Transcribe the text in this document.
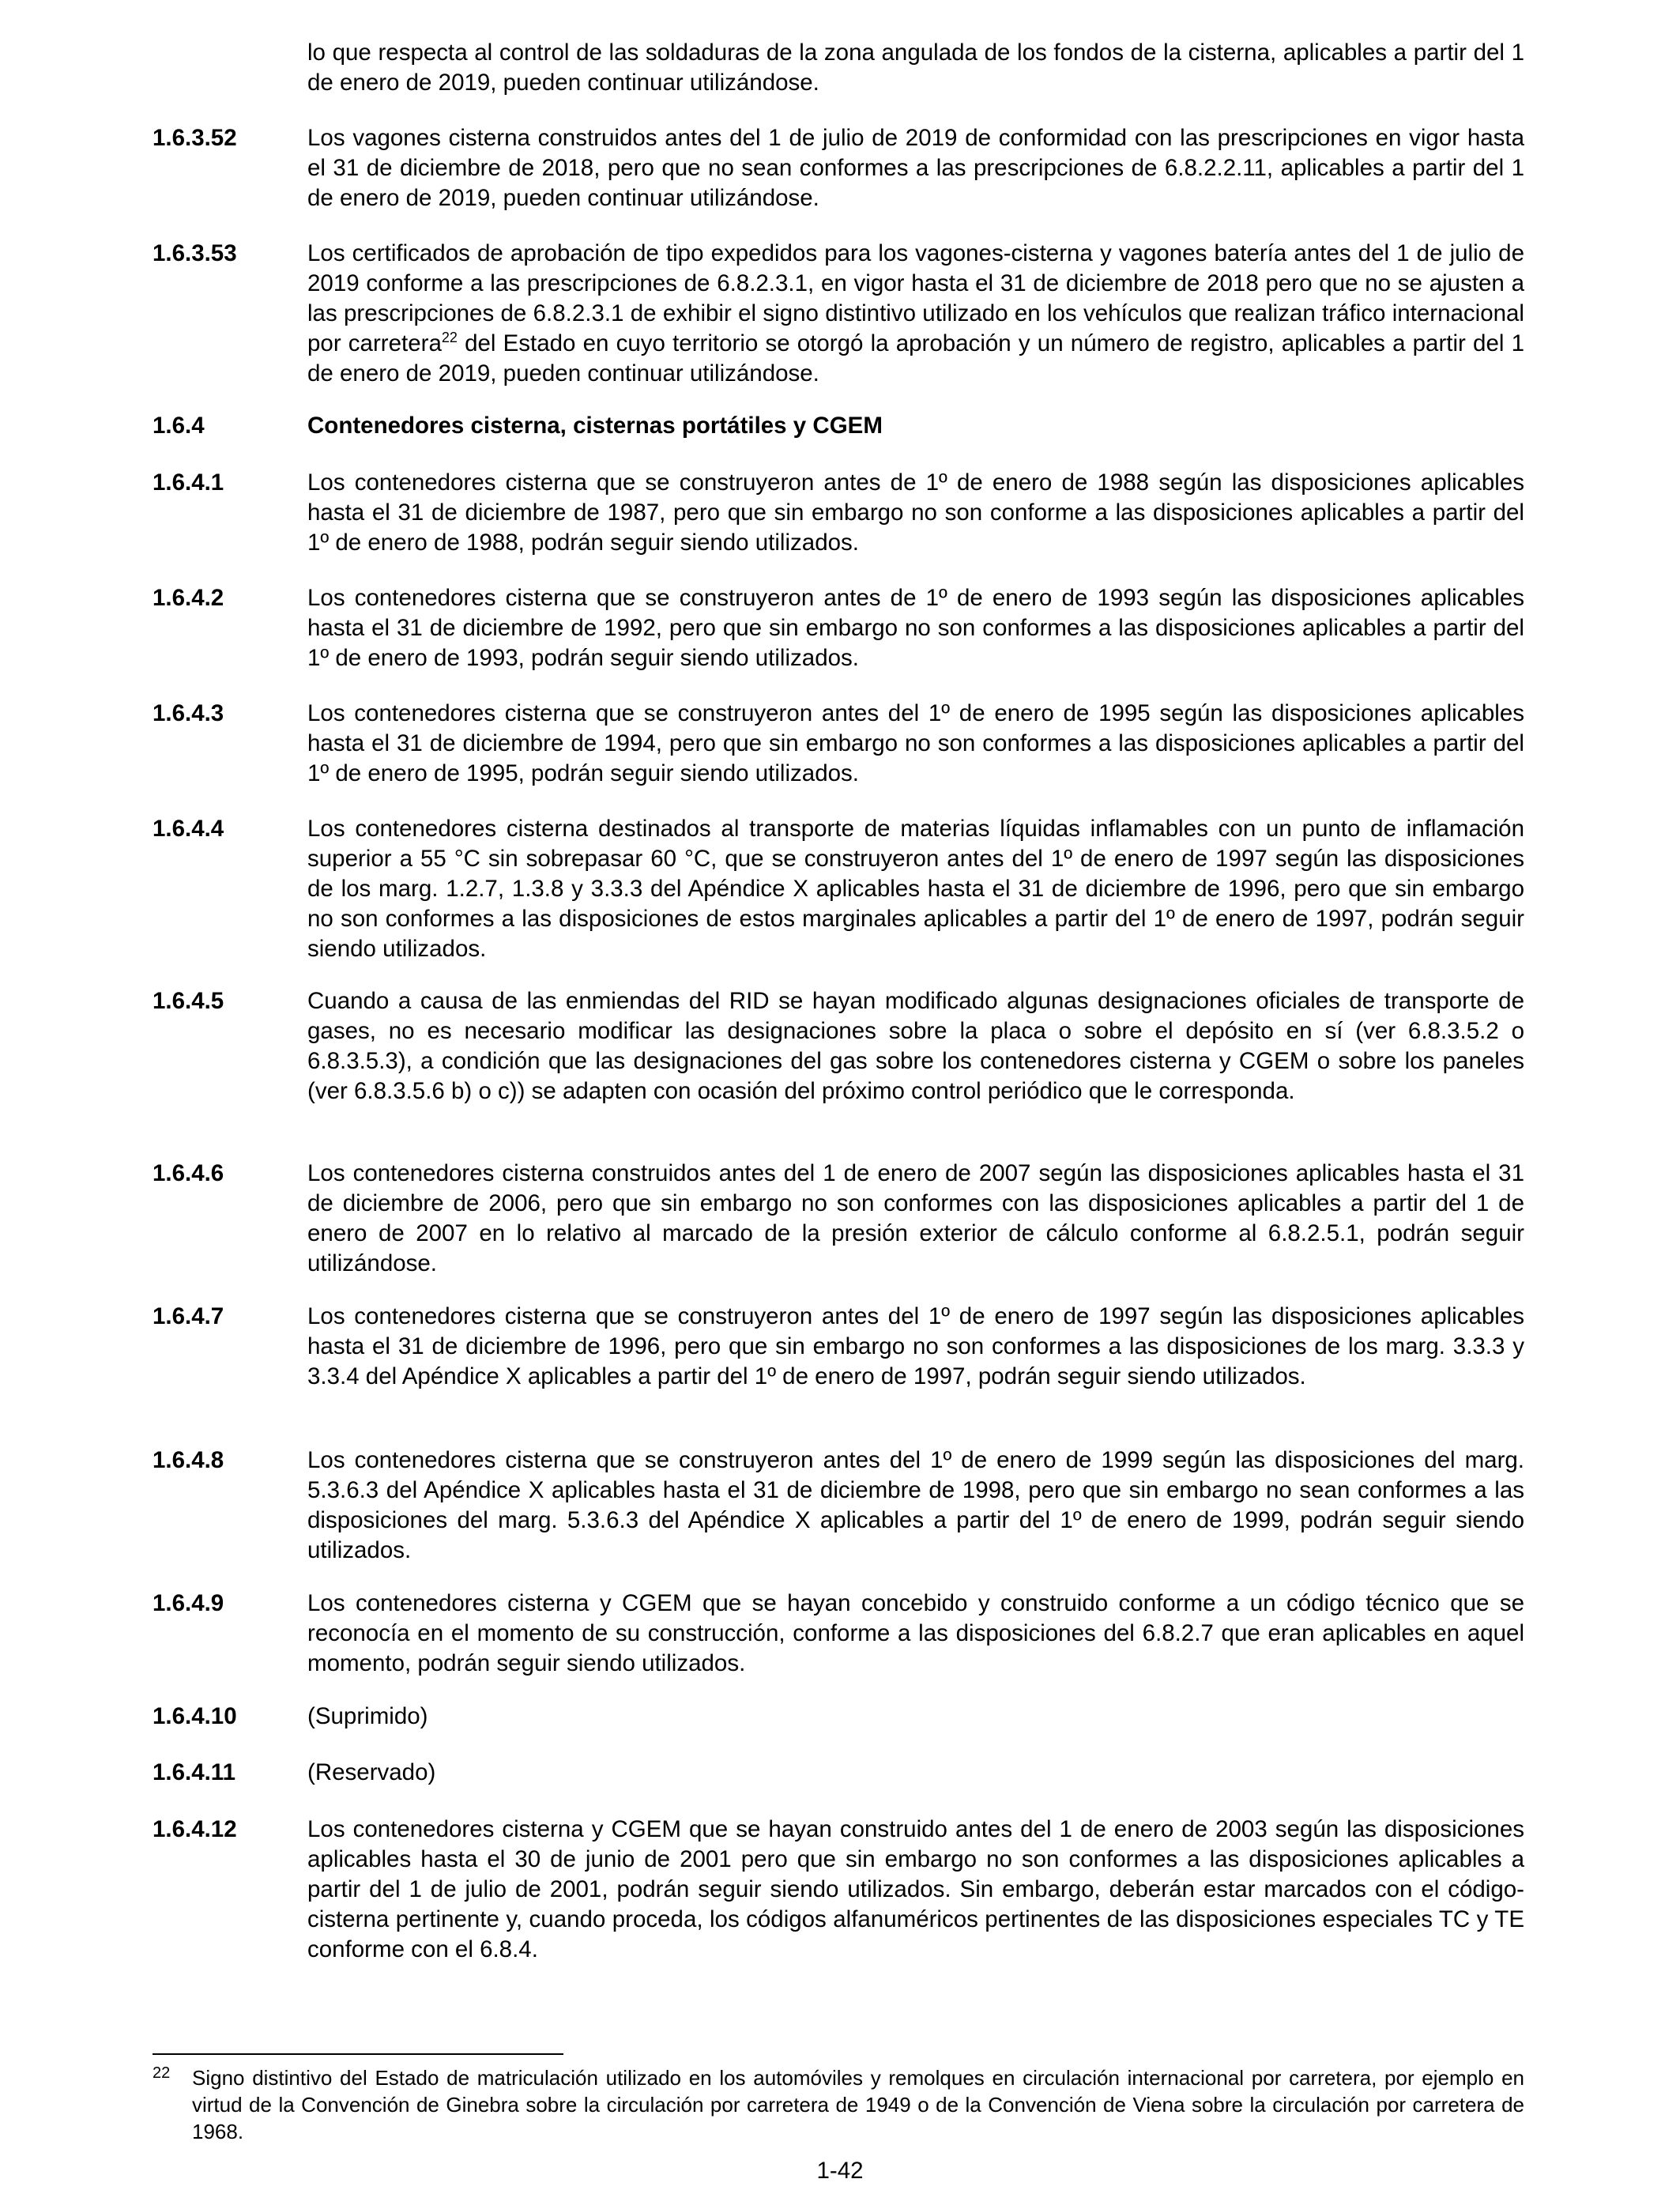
lo que respecta al control de las soldaduras de la zona angulada de los fondos de la cisterna, aplicables a partir del 1 de enero de 2019, pueden continuar utilizándose.

1.6.3.52	Los vagones cisterna construidos antes del 1 de julio de 2019 de conformidad con las prescripciones en vigor hasta el 31 de diciembre de 2018, pero que no sean conformes a las prescripciones de 6.8.2.2.11, aplicables a partir del 1 de enero de 2019, pueden continuar utilizándose.
1.6.3.53	Los certificados de aprobación de tipo expedidos para los vagones-cisterna y vagones batería antes del 1 de julio de 2019 conforme a las prescripciones de 6.8.2.3.1, en vigor hasta el 31 de diciembre de 2018 pero que no se ajusten a las prescripciones de 6.8.2.3.1 de exhibir el signo distintivo utilizado en los vehículos que realizan tráfico internacional por carretera$^{22}$ del Estado en cuyo territorio se otorgó la aprobación y un número de registro, aplicables a partir del 1 de enero de 2019, pueden continuar utilizándose.
1.6.4	Contenedores cisterna, cisternas portátiles y CGEM
1.6.4.1	Los contenedores cisterna que se construyeron antes de 1º de enero de 1988 según las disposiciones aplicables hasta el 31 de diciembre de 1987, pero que sin embargo no son conforme a las disposiciones aplicables a partir del 1º de enero de 1988, podrán seguir siendo utilizados.
1.6.4.2	Los contenedores cisterna que se construyeron antes de 1º de enero de 1993 según las disposiciones aplicables hasta el 31 de diciembre de 1992, pero que sin embargo no son conformes a las disposiciones aplicables a partir del 1º de enero de 1993, podrán seguir siendo utilizados.
1.6.4.3	Los contenedores cisterna que se construyeron antes del 1º de enero de 1995 según las disposiciones aplicables hasta el 31 de diciembre de 1994, pero que sin embargo no son conformes a las disposiciones aplicables a partir del 1º de enero de 1995, podrán seguir siendo utilizados.
1.6.4.4	Los contenedores cisterna destinados al transporte de materias líquidas inflamables con un punto de inflamación superior a 55 °C sin sobrepasar 60 °C, que se construyeron antes del 1º de enero de 1997 según las disposiciones de los marg. 1.2.7, 1.3.8 y 3.3.3 del Apéndice X aplicables hasta el 31 de diciembre de 1996, pero que sin embargo no son conformes a las disposiciones de estos marginales aplicables a partir del 1º de enero de 1997, podrán seguir siendo utilizados.
1.6.4.5	Cuando a causa de las enmiendas del RID se hayan modificado algunas designaciones oficiales de transporte de gases, no es necesario modificar las designaciones sobre la placa o sobre el depósito en sí (ver 6.8.3.5.2 o 6.8.3.5.3), a condición que las designaciones del gas sobre los contenedores cisterna y CGEM o sobre los paneles (ver 6.8.3.5.6 b) o c)) se adapten con ocasión del próximo control periódico que le corresponda.
1.6.4.6	Los contenedores cisterna construidos antes del 1 de enero de 2007 según las disposiciones aplicables hasta el 31 de diciembre de 2006, pero que sin embargo no son conformes con las disposiciones aplicables a partir del 1 de enero de 2007 en lo relativo al marcado de la presión exterior de cálculo conforme al 6.8.2.5.1, podrán seguir utilizándose.
1.6.4.7	Los contenedores cisterna que se construyeron antes del 1º de enero de 1997 según las disposiciones aplicables hasta el 31 de diciembre de 1996, pero que sin embargo no son conformes a las disposiciones de los marg. 3.3.3 y 3.3.4 del Apéndice X aplicables a partir del 1º de enero de 1997, podrán seguir siendo utilizados.
1.6.4.8	Los contenedores cisterna que se construyeron antes del 1º de enero de 1999 según las disposiciones del marg. 5.3.6.3 del Apéndice X aplicables hasta el 31 de diciembre de 1998, pero que sin embargo no sean conformes a las disposiciones del marg. 5.3.6.3 del Apéndice X aplicables a partir del 1º de enero de 1999, podrán seguir siendo utilizados.
1.6.4.9	Los contenedores cisterna y CGEM que se hayan concebido y construido conforme a un código técnico que se reconocía en el momento de su construcción, conforme a las disposiciones del 6.8.2.7 que eran aplicables en aquel momento, podrán seguir siendo utilizados.
1.6.4.10	(Suprimido)
1.6.4.11	(Reservado)
1.6.4.12	Los contenedores cisterna y CGEM que se hayan construido antes del 1 de enero de 2003 según las disposiciones aplicables hasta el 30 de junio de 2001 pero que sin embargo no son conformes a las disposiciones aplicables a partir del 1 de julio de 2001, podrán seguir siendo utilizados. Sin embargo, deberán estar marcados con el código-cisterna pertinente y, cuando proceda, los códigos alfanuméricos pertinentes de las disposiciones especiales TC y TE conforme con el 6.8.4.
22 Signo distintivo del Estado de matriculación utilizado en los automóviles y remolques en circulación internacional por carretera, por ejemplo en virtud de la Convención de Ginebra sobre la circulación por carretera de 1949 o de la Convención de Viena sobre la circulación por carretera de 1968.
1-42
